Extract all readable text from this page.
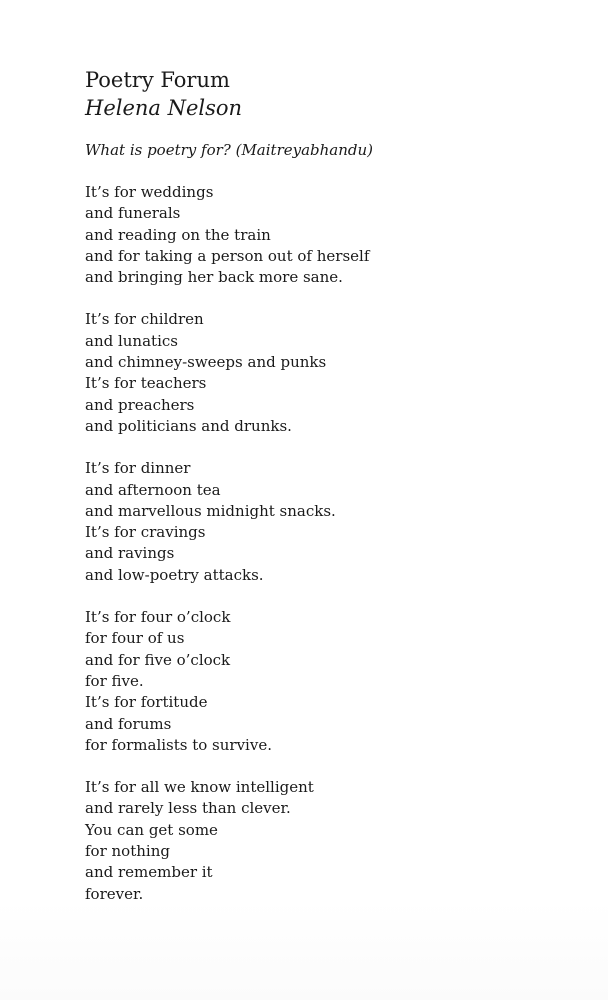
Poetry Forum
Helena Nelson
What is poetry for? (Maitreyabhandu)
It’s for weddings
and funerals
and reading on the train
and for taking a person out of herself
and bringing her back more sane.
It’s for children
and lunatics
and chimney-sweeps and punks
It’s for teachers
and preachers
and politicians and drunks.
It’s for dinner
and afternoon tea
and marvellous midnight snacks.
It’s for cravings
and ravings
and low-poetry attacks.
It’s for four o’clock
for four of us
and for five o’clock
for five.
It’s for fortitude
and forums
for formalists to survive.
It’s for all we know intelligent
and rarely less than clever.
You can get some
for nothing
and remember it
forever.
